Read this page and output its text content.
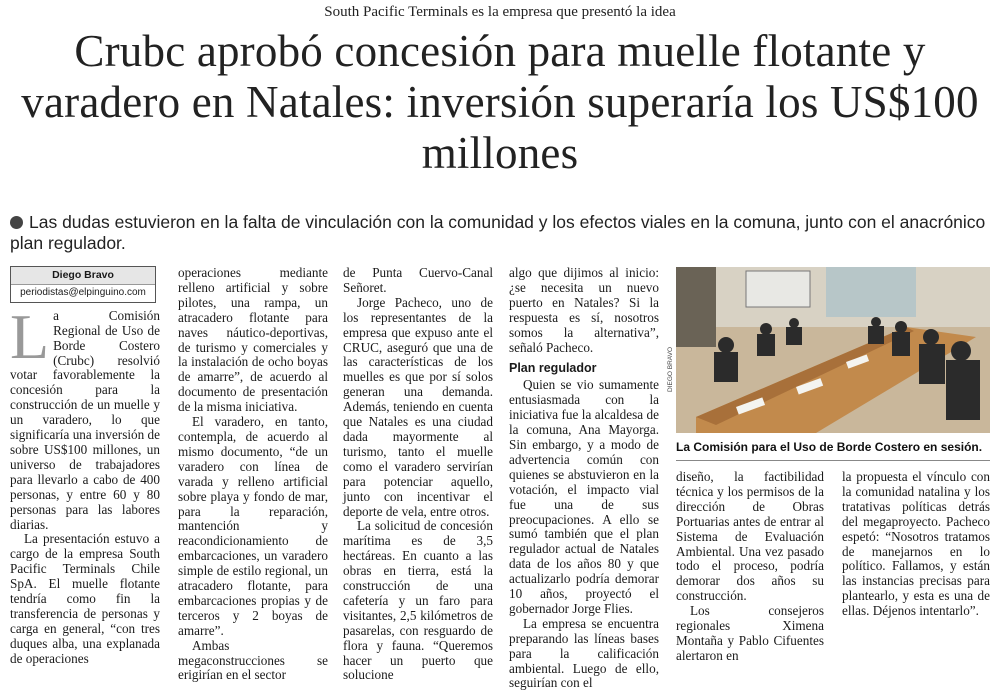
South Pacific Terminals es la empresa que presentó la idea
Crubc aprobó concesión para muelle flotante y varadero en Natales: inversión superaría los US$100 millones
Las dudas estuvieron en la falta de vinculación con la comunidad y los efectos viales en la comuna, junto con el anacrónico plan regulador.
Diego Bravo
periodistas@elpinguino.com

La Comisión Regional de Uso de Borde Costero (Crubc) resolvió votar favorablemente la concesión para la construcción de un muelle y un varadero, lo que significaría una inversión de sobre US$100 millones, un universo de trabajadores para llevarlo a cabo de 400 personas, y entre 60 y 80 personas para las labores diarias.

La presentación estuvo a cargo de la empresa South Pacific Terminals Chile SpA. El muelle flotante tendría como fin la transferencia de personas y carga en general, “con tres duques alba, una explanada de operaciones

operaciones mediante relleno artificial y sobre pilotes, una rampa, un atracadero flotante para naves náutico-deportivas, de turismo y comerciales y la instalación de ocho boyas de amarre”, de acuerdo al documento de presentación de la misma iniciativa.

El varadero, en tanto, contempla, de acuerdo al mismo documento, “de un varadero con línea de varada y relleno artificial sobre playa y fondo de mar, para la reparación, mantención y reacondicionamiento de embarcaciones, un varadero simple de estilo regional, un atracadero flotante, para embarcaciones propias y de terceros y 2 boyas de amarre”.

Ambas megaconstrucciones se erigirían en el sector

de Punta Cuervo-Canal Señoret.

Jorge Pacheco, uno de los representantes de la empresa que expuso ante el CRUC, aseguró que una de las características de los muelles es que por sí solos generan una demanda. Además, teniendo en cuenta que Natales es una ciudad dada mayormente al turismo, tanto el muelle como el varadero servirían para potenciar aquello, junto con incentivar el deporte de vela, entre otros.

La solicitud de concesión marítima es de 3,5 hectáreas. En cuanto a las obras en tierra, está la construcción de una cafetería y un faro para visitantes, 2,5 kilómetros de pasarelas, con resguardo de flora y fauna. “Queremos hacer un puerto que solucione

algo que dijimos al inicio: ¿se necesita un nuevo puerto en Natales? Si la respuesta es sí, nosotros somos la alternativa”, señaló Pacheco.

Plan regulador

Quien se vio sumamente entusiasmada con la iniciativa fue la alcaldesa de la comuna, Ana Mayorga. Sin embargo, y a modo de advertencia común con quienes se abstuvieron en la votación, el impacto vial fue una de sus preocupaciones. A ello se sumó también que el plan regulador actual de Natales data de los años 80 y que actualizarlo podría demorar 10 años, proyectó el gobernador Jorge Flies.

La empresa se encuentra preparando las líneas bases para la calificación ambiental. Luego de ello, seguirían con el

DIEGO BRAVO
La Comisión para el Uso de Borde Costero en sesión.

diseño, la factibilidad técnica y los permisos de la dirección de Obras Portuarias antes de entrar al Sistema de Evaluación Ambiental. Una vez pasado todo el proceso, podría demorar dos años su construcción.

Los consejeros regionales Ximena Montaña y Pablo Cifuentes alertaron en

la propuesta el vínculo con la comunidad natalina y los tratativas políticas detrás del megaproyecto. Pacheco espetó: “Nosotros tratamos de manejarnos en lo político. Fallamos, y están las instancias precisas para plantearlo, y esta es una de ellas. Déjenos intentarlo”.
